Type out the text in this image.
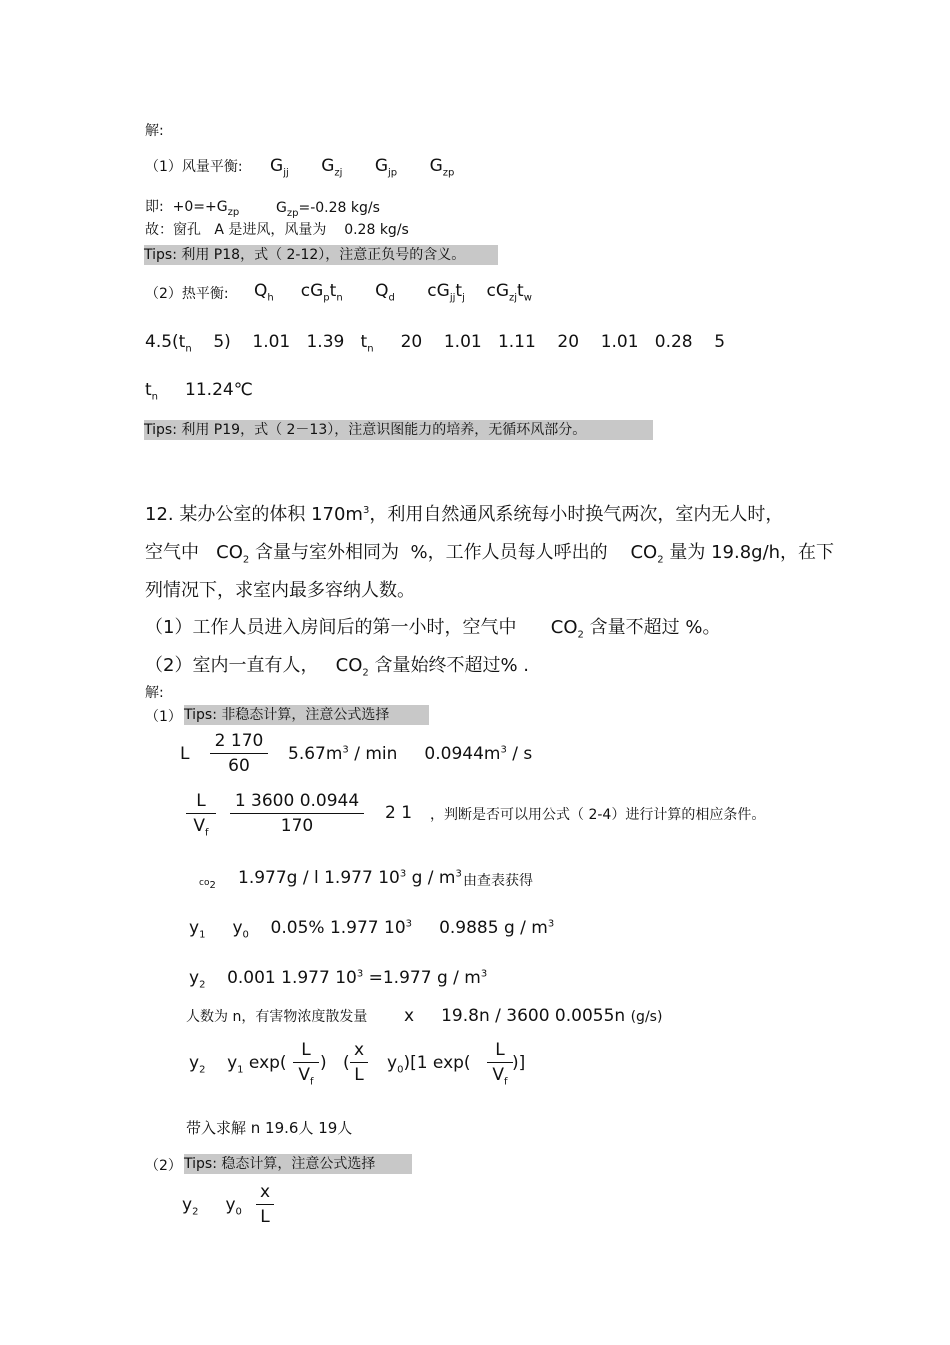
解:
（1）风量平衡: $G_{jj}$ $G_{zj}$ $G_{jp}$ $G_{zp}$
即: $+0=+G_{zp}$	$G_{zp}=-0.28$ kg/s
故：窗孔 A 是进风，风量为 0.28 kg/s
Tips: 利用 P18，式（ 2-12），注意正负号的含义。
（2）热平衡: $Q_h$ $cG_pt_n$ $Q_d$ $cG_{jj}t_j$ $cG_{zj}t_w$
$4.5(t_n$ 5) 1.01 1.39 $t_n$ 20 1.01 1.11 20 1.01 0.28 5
$t_n$ 11.24℃
Tips: 利用 P19，式（ 2－13），注意识图能力的培养，无循环风部分。
12. 某办公室的体积 $170m^3$，利用自然通风系统每小时换气两次，室内无人时，
空气中 $CO_2$ 含量与室外相同为 %，工作人员每人呼出的 $CO_2$ 量为 19.8g/h，在下
列情况下，求室内最多容纳人数。
（1）工作人员进入房间后的第一小时，空气中 $CO_2$ 含量不超过 %。
（2）室内一直有人， $CO_2$ 含量始终不超过% .
解:
（1） Tips: 非稳态计算，注意公式选择
L
2 170
60
$5.67m^3$ / $\min 0.0944m^3$ / s
L
$V_f$
1 3600 0.0944
170
2 1 ，判断是否可以用公式（ 2-4）进行计算的相应条件。
$co_2$ 1.977g / l 1.977 $10^3$ g / $m^3$ 由查表获得
$y_1$ $y_0$ 0.05% 1.977 $10^3$ 0.9885 g / $m^3$
$y_2$ 0.001 1.977 $10^3 =1.977$ g / $m^3$
人数为 n，有害物浓度散发量 x 19.8n / 3600 0.0055n (g/s)
$y_2$ $y_1$ exp(
L
$V_f$
) (
x
L
$y_0)[1$ exp(
L
$V_f$
)]
带入求解 n 19.6人 19人
（2） Tips: 稳态计算，注意公式选择
$y_2$ $y_0$
x
L
